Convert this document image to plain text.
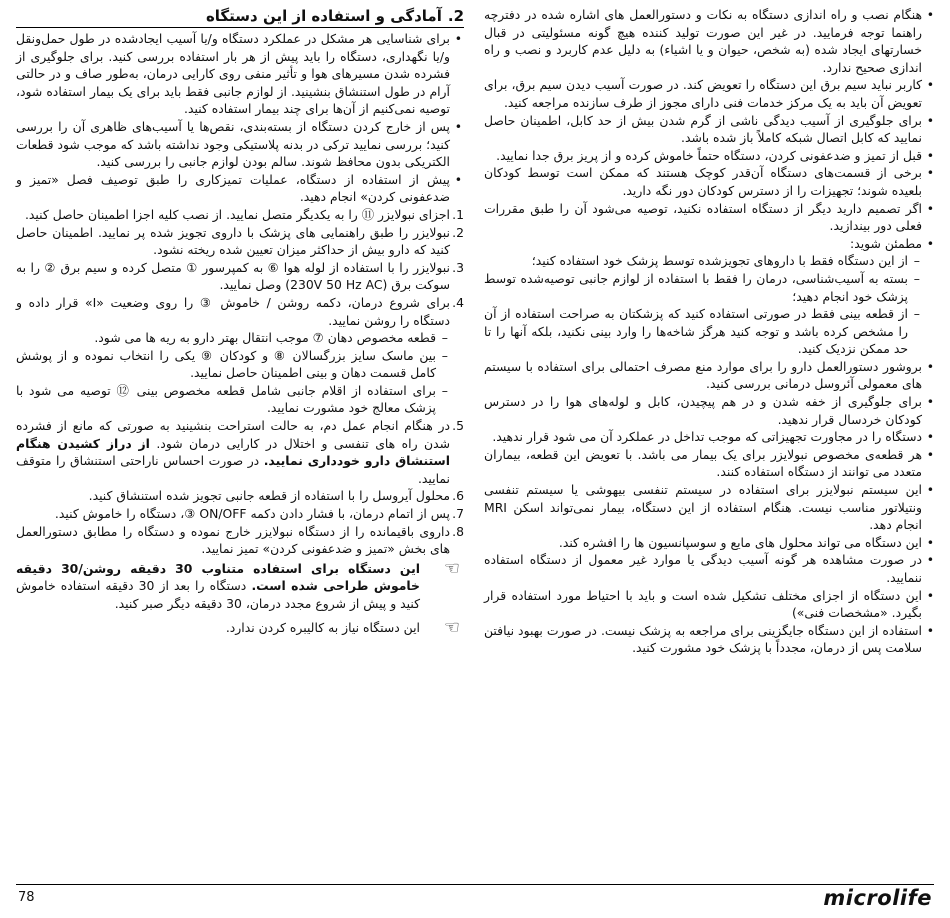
• هنگام نصب و راه اندازی دستگاه به نکات و دستورالعمل های اشاره شده در دفترچه راهنما توجه فرمایید. در غیر این صورت تولید کننده هیچ گونه مسئولیتی در قبال خسارتهای ایجاد شده (به شخص، حیوان و یا اشیاء) به دلیل عدم کاربرد و نصب و راه اندازی صحیح ندارد.
• کاربر نباید سیم برق این دستگاه را تعویض کند. در صورت آسیب دیدن سیم برق، برای تعویض آن باید به یک مرکز خدمات فنی دارای مجوز از طرف سازنده مراجعه کنید.
• برای جلوگیری از آسیب دیدگی ناشی از گرم شدن بیش از حد کابل، اطمینان حاصل نمایید که کابل اتصال شبکه کاملاً باز شده باشد.
• قبل از تمیز و ضدعفونی کردن، دستگاه حتماً خاموش کرده و از پریز برق جدا نمایید.
• برخی از قسمت‌های دستگاه آن‌قدر کوچک هستند که ممکن است توسط کودکان بلعیده شوند؛ تجهیزات را از دسترس کودکان دور نگه دارید.
• اگر تصمیم دارید دیگر از دستگاه استفاده نکنید، توصیه می‌شود آن را طبق مقررات فعلی دور بیندازید.
• مطمئن شوید:
– از این دستگاه فقط با داروهای تجویزشده توسط پزشک خود استفاده کنید؛
– بسته به آسیب‌شناسی، درمان را فقط با استفاده از لوازم جانبی توصیه‌شده توسط پزشک خود انجام دهید؛
– از قطعه بینی فقط در صورتی استفاده کنید که پزشکتان به صراحت استفاده از آن را مشخص کرده باشد و توجه کنید هرگز شاخه‌ها را وارد بینی نکنید، بلکه آنها را تا حد ممکن نزدیک کنید.
• بروشور دستورالعمل دارو را برای موارد منع مصرف احتمالی برای استفاده با سیستم های معمولی آئروسل درمانی بررسی کنید.
• برای جلوگیری از خفه شدن و در هم پیچیدن، کابل و لوله‌های هوا را در دسترس کودکان خردسال قرار ندهید.
• دستگاه را در مجاورت تجهیزاتی که موجب تداخل در عملکرد آن می شود قرار ندهید.
• هر قطعه‌ی مخصوص نبولایزر برای یک بیمار می باشد. با تعویض این قطعه، بیماران متعدد می توانند از دستگاه استفاده کنند.
• این سیستم نبولایزر برای استفاده در سیستم تنفسی بیهوشی یا سیستم تنفسی ونتیلاتور مناسب نیست. هنگام استفاده از این دستگاه، بیمار نمی‌تواند اسکن MRI انجام دهد.
• این دستگاه می تواند محلول های مایع و سوسپانسیون ها را افشره کند.
• در صورت مشاهده هر گونه آسیب دیدگی یا موارد غیر معمول از دستگاه استفاده ننمایید.
• این دستگاه از اجزای مختلف تشکیل شده است و باید با احتیاط مورد استفاده قرار بگیرد. «مشخصات فنی»)
• استفاده از این دستگاه جایگزینی برای مراجعه به پزشک نیست. در صورت بهبود نیافتن سلامت پس از درمان، مجدداً با پزشک خود مشورت کنید.
2.آمادگی و استفاده از این دستگاه
• برای شناسایی هر مشکل در عملکرد دستگاه و/یا آسیب ایجادشده در طول حمل‌ونقل و/یا نگهداری، دستگاه را باید پیش از هر بار استفاده بررسی کنید. برای جلوگیری از فشرده شدن مسیرهای هوا و تأثیر منفی روی کارایی درمان، به‌طور صاف و در حالتی آرام در طول استنشاق بنشینید. از لوازم جانبی فقط باید برای یک بیمار استفاده شود، توصیه نمی‌کنیم از آن‌ها برای چند بیمار استفاده کنید.
• پس از خارج کردن دستگاه از بسته‌بندی، نقص‌ها یا آسیب‌های ظاهری آن را بررسی کنید؛ بررسی نمایید ترکی در بدنه پلاستیکی وجود نداشته باشد که موجب شود قطعات الکتریکی بدون محافظ شوند. سالم بودن لوازم جانبی را بررسی کنید.
• پیش از استفاده از دستگاه، عملیات تمیزکاری را طبق توصیف فصل «تمیز و ضدعفونی کردن» انجام دهید.
1.
اجزای نبولایزر ⑪ را به یکدیگر متصل نمایید. از نصب کلیه اجزا اطمینان حاصل کنید.
2.
نبولایزر را طبق راهنمایی های پزشک با داروی تجویز شده پر نمایید. اطمینان حاصل کنید که دارو بیش از حداکثر میزان تعیین شده ریخته نشود.
3.
نبولایزر را با استفاده از لوله هوا ⑥ به کمپرسور ① متصل کرده و سیم برق ② را به سوکت برق (230V 50 Hz AC) وصل نمایید.
4.
برای شروع درمان، دکمه روشن / خاموش ③ را روی وضعیت «I» قرار داده و دستگاه را روشن نمایید.
– قطعه مخصوص دهان ⑦ موجب انتقال بهتر دارو به ریه ها می شود.
– بین ماسک سایز بزرگسالان ⑧ و کودکان ⑨ یکی را انتخاب نموده و از پوشش کامل قسمت دهان و بینی اطمینان حاصل نمایید.
– برای استفاده از اقلام جانبی شامل قطعه مخصوص بینی ⑫ توصیه می شود با پزشک معالج خود مشورت نمایید.
5.
در هنگام انجام عمل دم، به حالت استراحت بنشینید به صورتی که مانع از فشرده شدن راه های تنفسی و اختلال در کارایی درمان شود. از دراز کشیدن هنگام استنشاق دارو خودداری نمایید. در صورت احساس ناراحتی استنشاق را متوقف نمایید.
6.
محلول آیروسل را با استفاده از قطعه جانبی تجویز شده استنشاق کنید.
7.
پس از اتمام درمان، با فشار دادن دکمه ON/OFF ③، دستگاه را خاموش کنید.
8.
داروی باقیمانده را از دستگاه نبولایزر خارج نموده و دستگاه را مطابق دستورالعمل های بخش «تمیز و ضدعفونی کردن» تمیز نمایید.
☜
این دستگاه برای استفاده متناوب 30 دقیقه روشن/30 دقیقه خاموش طراحی شده است. دستگاه را بعد از 30 دقیقه استفاده خاموش کنید و پیش از شروع مجدد درمان، 30 دقیقه دیگر صبر کنید.
☜
این دستگاه نیاز به کالیبره کردن ندارد.
78	microlife
